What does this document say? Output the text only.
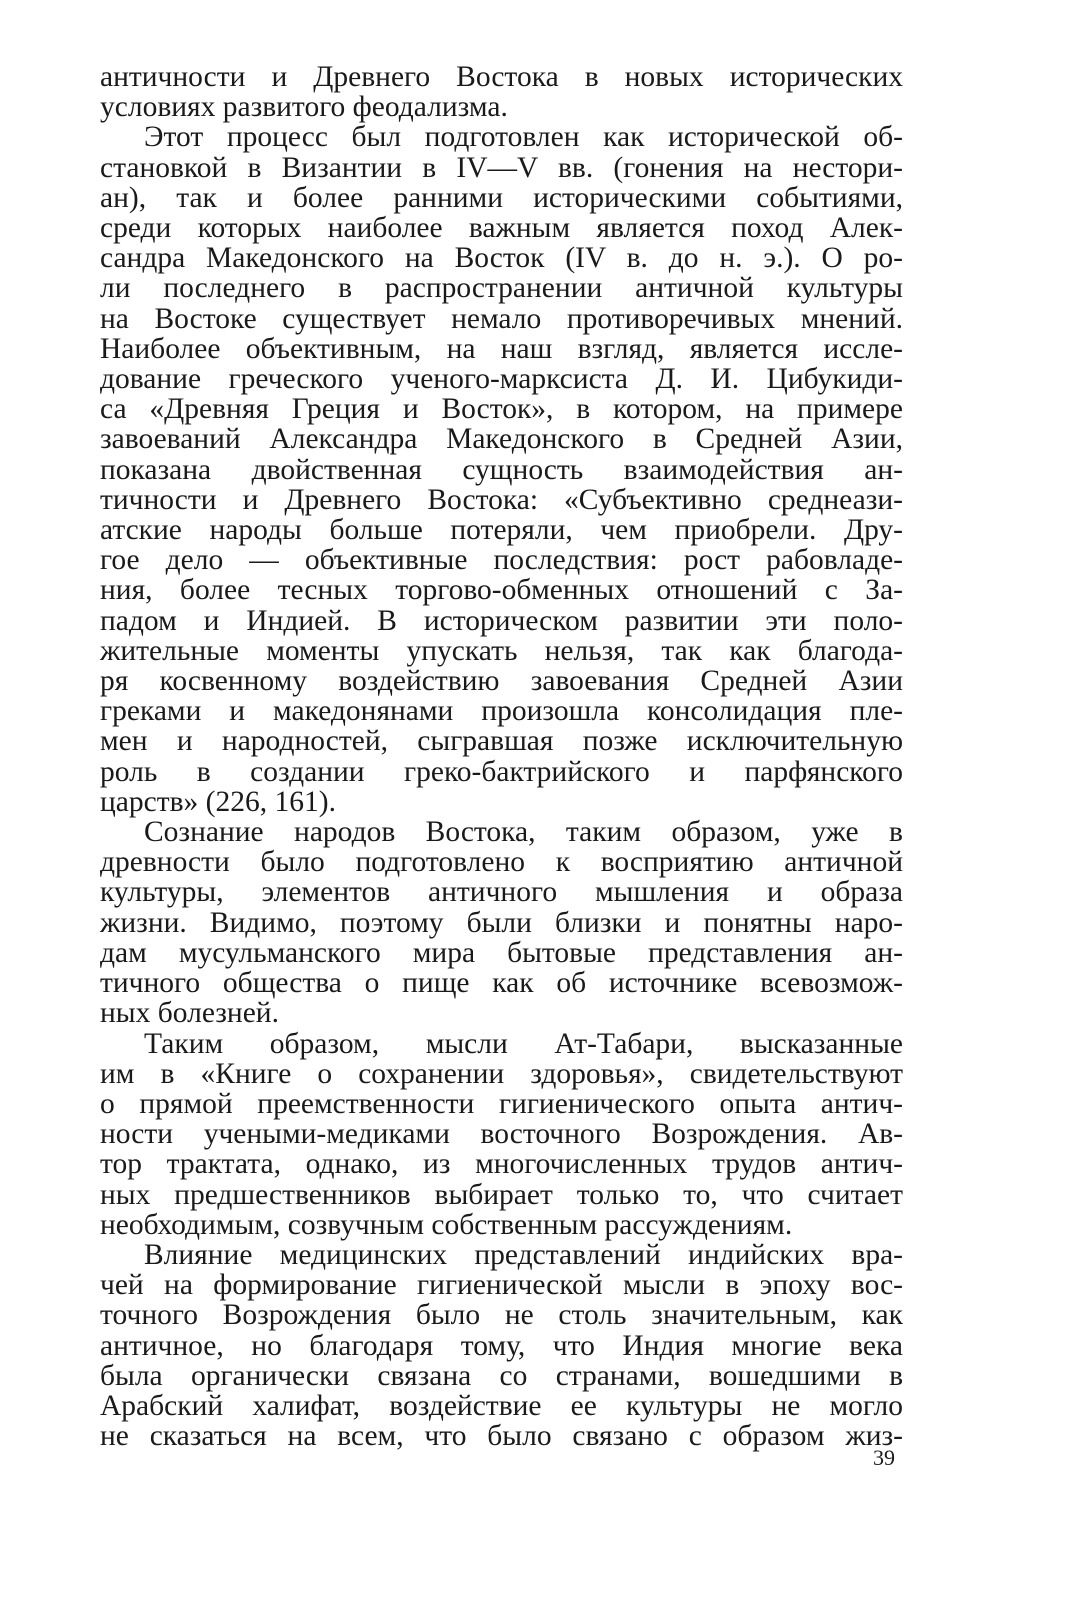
античности и Древнего Востока в новых исторических
условиях развитого феодализма.

Этот процесс был подготовлен как исторической об-
становкой в Византии в IV—V вв. (гонения на нестори-
ан), так и более ранними историческими событиями,
среди которых наиболее важным является поход Алек-
сандра Македонского на Восток (IV в. до н. э.). О ро-
ли последнего в распространении античной культуры
на Востоке существует немало противоречивых мнений.
Наиболее объективным, на наш взгляд, является иссле-
дование греческого ученого-марксиста Д. И. Цибукиди-
са «Древняя Греция и Восток», в котором, на примере
завоеваний Александра Македонского в Средней Азии,
показана двойственная сущность взаимодействия ан-
тичности и Древнего Востока: «Субъективно среднеази-
атские народы больше потеряли, чем приобрели. Дру-
гое дело — объективные последствия: рост рабовладе-
ния, более тесных торгово-обменных отношений с За-
падом и Индией. В историческом развитии эти поло-
жительные моменты упускать нельзя, так как благода-
ря косвенному воздействию завоевания Средней Азии
греками и македонянами произошла консолидация пле-
мен и народностей, сыгравшая позже исключительную
роль в создании греко-бактрийского и парфянского
царств» (226, 161).

Сознание народов Востока, таким образом, уже в
древности было подготовлено к восприятию античной
культуры, элементов античного мышления и образа
жизни. Видимо, поэтому были близки и понятны наро-
дам мусульманского мира бытовые представления ан-
тичного общества о пище как об источнике всевозмож-
ных болезней.

Таким образом, мысли Ат-Табари, высказанные
им в «Книге о сохранении здоровья», свидетельствуют
о прямой преемственности гигиенического опыта антич-
ности учеными-медиками восточного Возрождения. Ав-
тор трактата, однако, из многочисленных трудов антич-
ных предшественников выбирает только то, что считает
необходимым, созвучным собственным рассуждениям.

Влияние медицинских представлений индийских вра-
чей на формирование гигиенической мысли в эпоху вос-
точного Возрождения было не столь значительным, как
античное, но благодаря тому, что Индия многие века
была органически связана со странами, вошедшими в
Арабский халифат, воздействие ее культуры не могло
не сказаться на всем, что было связано с образом жиз-

39
